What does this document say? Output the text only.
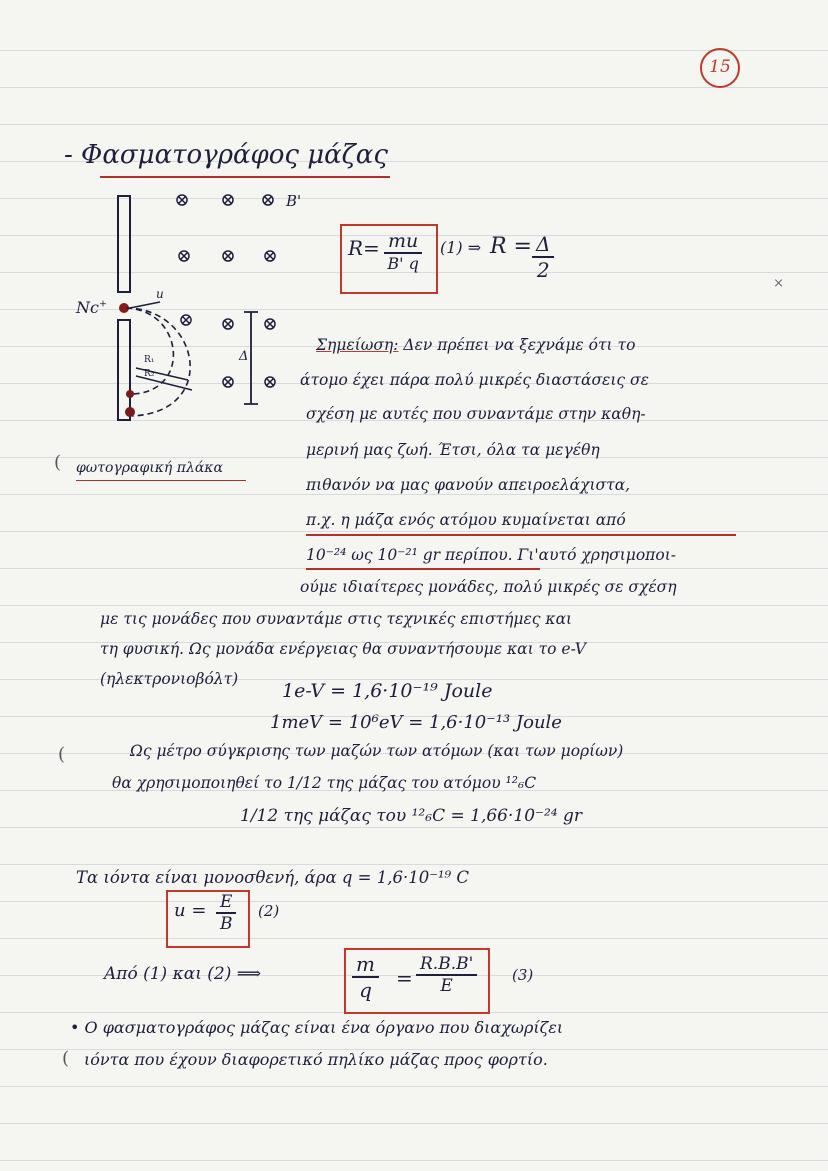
15
×
- Φασματογράφος μάζας
Δ
B'
u
R₁
R₂
Nc+
φωτογραφική πλάκα
(
R= mu
B' q
(1) ⇒ $R = \frac{\Delta}{2}$
Σημείωση: Δεν πρέπει να ξεχνάμε ότι το
άτομο έχει πάρα πολύ μικρές διαστάσεις σε
σχέση με αυτές που συναντάμε στην καθη-
μερινή μας ζωή. Έτσι, όλα τα μεγέθη
πιθανόν να μας φανούν απειροελάχιστα,
π.χ. η μάζα ενός ατόμου κυμαίνεται από
10⁻²⁴ ως 10⁻²¹ gr περίπου. Γι'αυτό χρησιμοποι-
ούμε ιδιαίτερες μονάδες, πολύ μικρές σε σχέση
με τις μονάδες που συναντάμε στις τεχνικές επιστήμες και
τη φυσική. Ως μονάδα ενέργειας θα συναντήσουμε και το e-V
(ηλεκτρονιοβόλτ)
1e-V = 1,6·10⁻¹⁹ Joule
1meV = 10⁶eV = 1,6·10⁻¹³ Joule
(	Ως μέτρο σύγκρισης των μαζών των ατόμων (και των μορίων)
θα χρησιμοποιηθεί το 1/12 της μάζας του ατόμου ¹²₆C
1/12 της μάζας του ¹²₆C = 1,66·10⁻²⁴ gr
Τα ιόντα είναι μονοσθενή, άρα q = 1,6·10⁻¹⁹ C
$u = \frac{E}{B} (2)$
Από (1) και (2) ⟹	$\frac{m}{q} = \frac{R.B.B'}{E} (3)$
• Ο φασματογράφος μάζας είναι ένα όργανο που διαχωρίζει
( ιόντα που έχουν διαφορετικό πηλίκο μάζας προς φορτίο.
